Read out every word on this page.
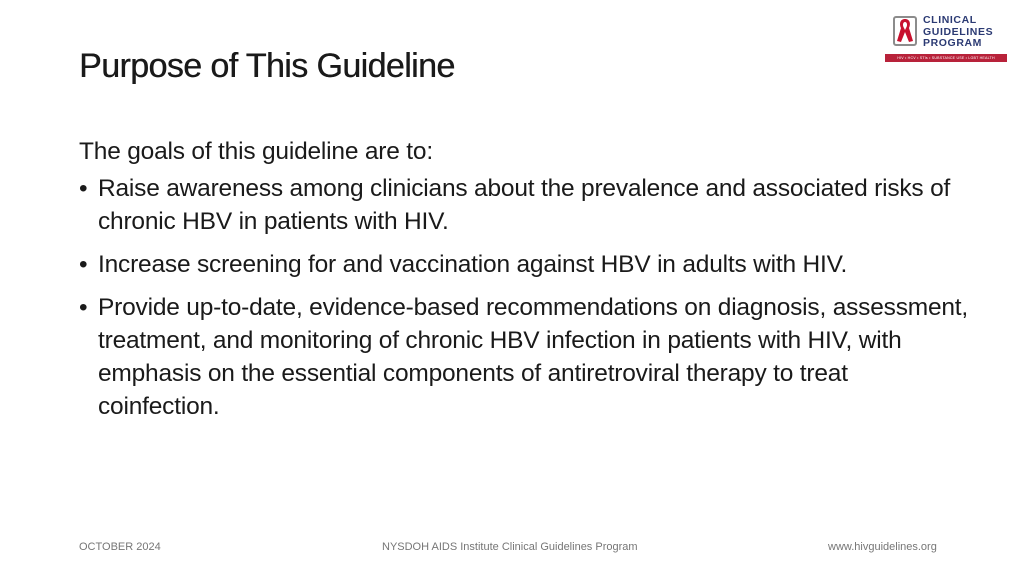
Purpose of This Guideline
CLINICAL
GUIDELINES
PROGRAM
HIV • HCV • STIs • SUBSTANCE USE • LGBT HEALTH

The goals of this guideline are to:

• Raise awareness among clinicians about the prevalence and associated risks of chronic HBV in patients with HIV.
• Increase screening for and vaccination against HBV in adults with HIV.
• Provide up-to-date, evidence-based recommendations on diagnosis, assessment, treatment, and monitoring of chronic HBV infection in patients with HIV, with emphasis on the essential components of antiretroviral therapy to treat coinfection.
OCTOBER 2024	NYSDOH AIDS Institute Clinical Guidelines Program	www.hivguidelines.org
